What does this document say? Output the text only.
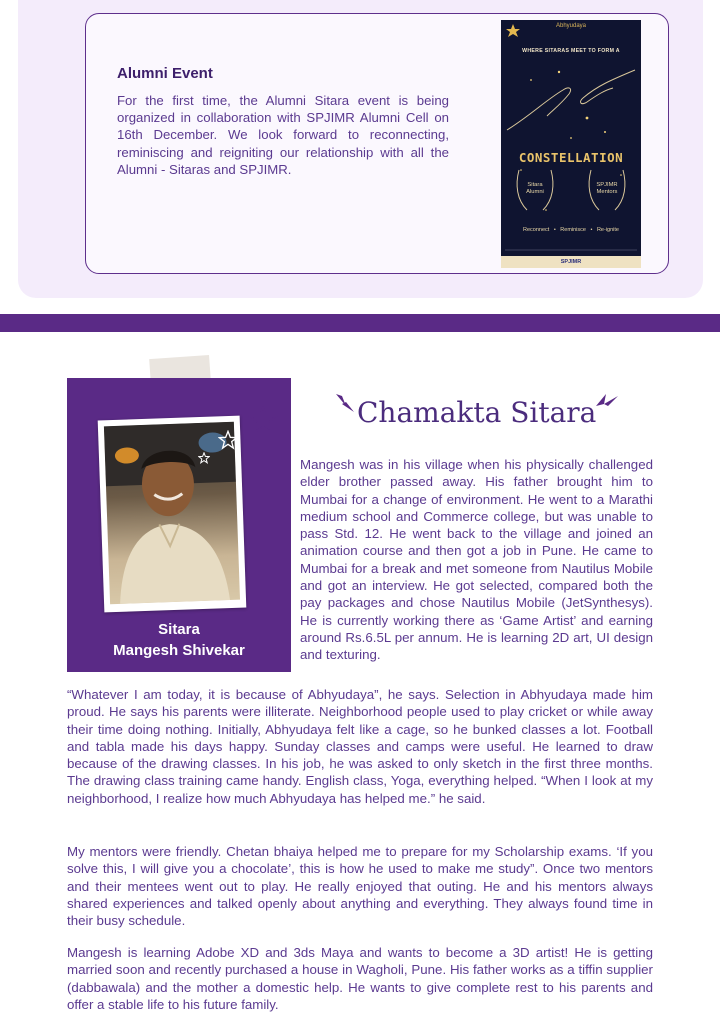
Alumni Event
For the first time, the Alumni Sitara event is being organized in collaboration with SPJIMR Alumni Cell on 16th December. We look forward to reconnecting, reminiscing and reigniting our relationship with all the Alumni - Sitaras and SPJIMR.
Abhyudaya
WHERE SITARAS MEET TO FORM A
CONSTELLATION
Sitara Alumni
SPJIMR Mentors
Reconnect • Reminisce • Re-ignite
SPJIMR
Sitara
Mangesh Shivekar
Chamakta Sitara
Mangesh was in his village when his physically challenged elder brother passed away. His father brought him to Mumbai for a change of environment. He went to a Marathi medium school and Commerce college, but was unable to pass Std. 12. He went back to the village and joined an animation course and then got a job in Pune. He came to Mumbai for a break and met someone from Nautilus Mobile and got an interview. He got selected, compared both the pay packages and chose Nautilus Mobile (JetSynthesys). He is currently working there as ‘Game Artist’ and earning around Rs.6.5L per annum. He is learning 2D art, UI design and texturing.
“Whatever I am today, it is because of Abhyudaya”, he says. Selection in Abhyudaya made him proud. He says his parents were illiterate. Neighborhood people used to play cricket or while away their time doing nothing. Initially, Abhyudaya felt like a cage, so he bunked classes a lot. Football and tabla made his days happy. Sunday classes and camps were useful. He learned to draw because of the drawing classes. In his job, he was asked to only sketch in the first three months. The drawing class training came handy. English class, Yoga, everything helped. “When I look at my neighborhood, I realize how much Abhyudaya has helped me.” he said.
My mentors were friendly. Chetan bhaiya helped me to prepare for my Scholarship exams. ‘If you solve this, I will give you a chocolate’, this is how he used to make me study”. Once two mentors and their mentees went out to play. He really enjoyed that outing. He and his mentors always shared experiences and talked openly about anything and everything. They always found time in their busy schedule.
Mangesh is learning Adobe XD and 3ds Maya and wants to become a 3D artist! He is getting married soon and recently purchased a house in Wagholi, Pune. His father works as a tiffin supplier (dabbawala) and the mother a domestic help. He wants to give complete rest to his parents and offer a stable life to his future family.
